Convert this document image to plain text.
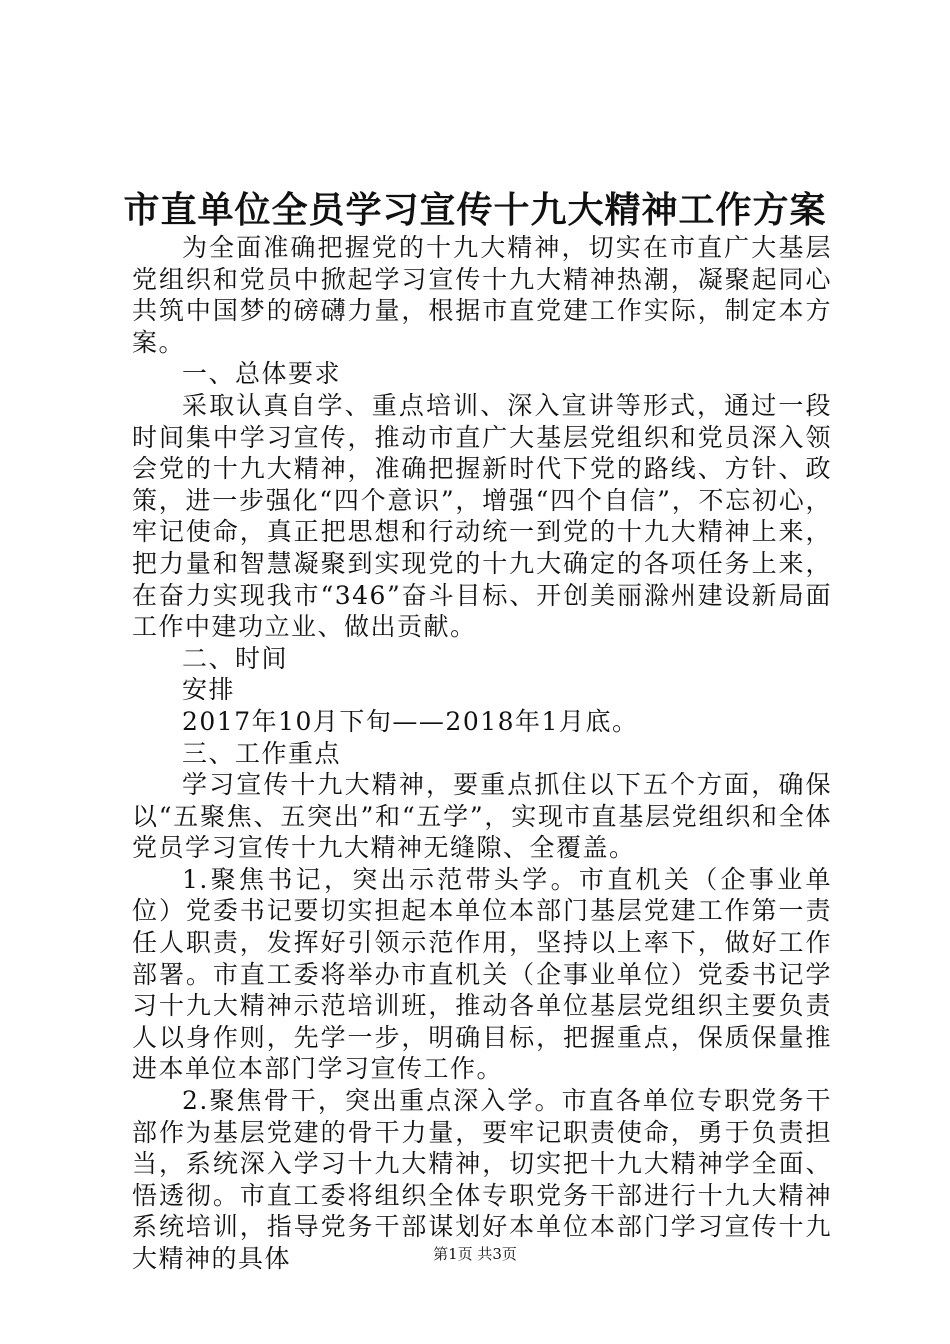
市直单位全员学习宣传十九大精神工作方案

为全面准确把握党的十九大精神，切实在市直广大基层党组织和党员中掀起学习宣传十九大精神热潮，凝聚起同心共筑中国梦的磅礴力量，根据市直党建工作实际，制定本方案。

一、总体要求

采取认真自学、重点培训、深入宣讲等形式，通过一段时间集中学习宣传，推动市直广大基层党组织和党员深入领会党的十九大精神，准确把握新时代下党的路线、方针、政策，进一步强化“四个意识”，增强“四个自信”，不忘初心，牢记使命，真正把思想和行动统一到党的十九大精神上来，把力量和智慧凝聚到实现党的十九大确定的各项任务上来，在奋力实现我市“346”奋斗目标、开创美丽滁州建设新局面工作中建功立业、做出贡献。

二、时间

安排

2017年10月下旬——2018年1月底。

三、工作重点

学习宣传十九大精神，要重点抓住以下五个方面，确保以“五聚焦、五突出”和“五学”，实现市直基层党组织和全体党员学习宣传十九大精神无缝隙、全覆盖。

1.聚焦书记，突出示范带头学。市直机关（企事业单位）党委书记要切实担起本单位本部门基层党建工作第一责任人职责，发挥好引领示范作用，坚持以上率下，做好工作部署。市直工委将举办市直机关（企事业单位）党委书记学习十九大精神示范培训班，推动各单位基层党组织主要负责人以身作则，先学一步，明确目标，把握重点，保质保量推进本单位本部门学习宣传工作。

2.聚焦骨干，突出重点深入学。市直各单位专职党务干部作为基层党建的骨干力量，要牢记职责使命，勇于负责担当，系统深入学习十九大精神，切实把十九大精神学全面、悟透彻。市直工委将组织全体专职党务干部进行十九大精神系统培训，指导党务干部谋划好本单位本部门学习宣传十九大精神的具体	第1页 共3页
